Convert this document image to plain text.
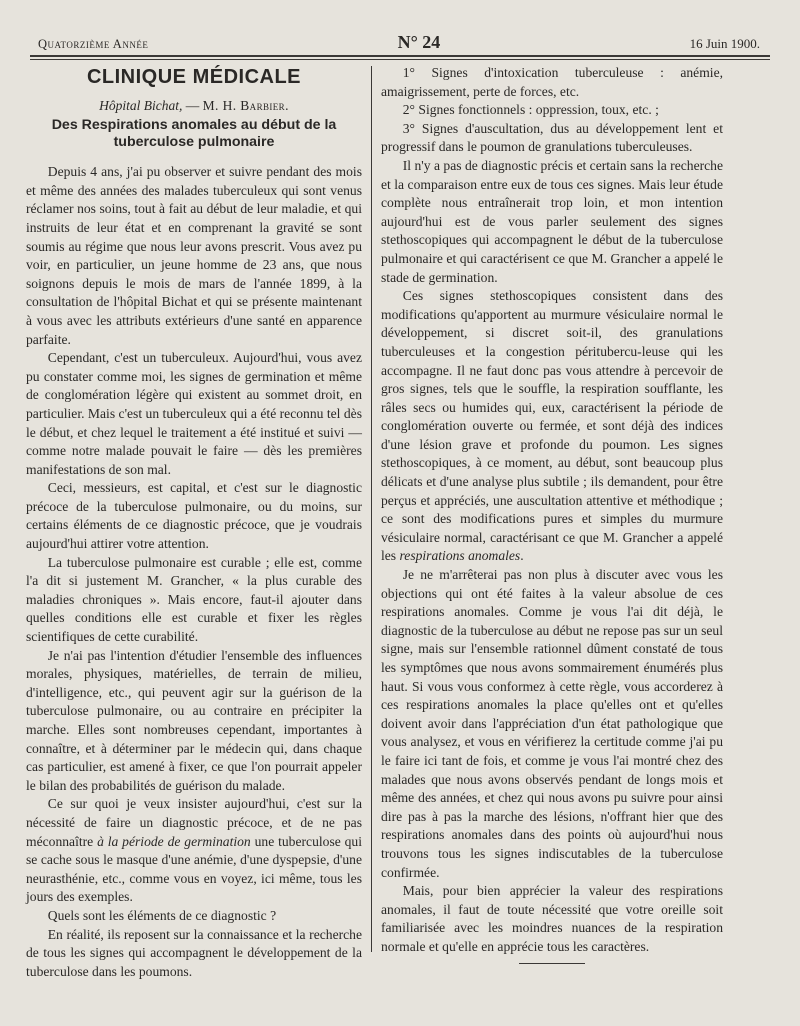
Quatorzième Année	N° 24	16 Juin 1900.
CLINIQUE MÉDICALE
Hôpital Bichat, — M. H. Barbier.
Des Respirations anomales au début de la tuberculose pulmonaire

Depuis 4 ans, j'ai pu observer et suivre pendant des mois et même des années des malades tuberculeux qui sont venus réclamer nos soins, tout à fait au début de leur maladie, et qui instruits de leur état et en comprenant la gravité se sont soumis au régime que nous leur avons prescrit. Vous avez pu voir, en particulier, un jeune homme de 23 ans, que nous soignons depuis le mois de mars de l'année 1899, à la consultation de l'hôpital Bichat et qui se présente maintenant à vous avec les attributs extérieurs d'une santé en apparence parfaite.

Cependant, c'est un tuberculeux. Aujourd'hui, vous avez pu constater comme moi, les signes de germination et même de conglomération légère qui existent au sommet droit, en particulier. Mais c'est un tuberculeux qui a été reconnu tel dès le début, et chez lequel le traitement a été institué et suivi — comme notre malade pouvait le faire — dès les premières manifestations de son mal.

Ceci, messieurs, est capital, et c'est sur le diagnostic précoce de la tuberculose pulmonaire, ou du moins, sur certains éléments de ce diagnostic précoce, que je voudrais aujourd'hui attirer votre attention.

La tuberculose pulmonaire est curable ; elle est, comme l'a dit si justement M. Grancher, « la plus curable des maladies chroniques ». Mais encore, faut-il ajouter dans quelles conditions elle est curable et fixer les règles scientifiques de cette curabilité.

Je n'ai pas l'intention d'étudier l'ensemble des influences morales, physiques, matérielles, de terrain de milieu, d'intelligence, etc., qui peuvent agir sur la guérison de la tuberculose pulmonaire, ou au contraire en précipiter la marche. Elles sont nombreuses cependant, importantes à connaître, et à déterminer par le médecin qui, dans chaque cas particulier, est amené à fixer, ce que l'on pourrait appeler le bilan des probabilités de guérison du malade.

Ce sur quoi je veux insister aujourd'hui, c'est sur la nécessité de faire un diagnostic précoce, et de ne pas méconnaître à la période de germination une tuberculose qui se cache sous le masque d'une anémie, d'une dyspepsie, d'une neurasthénie, etc., comme vous en voyez, ici même, tous les jours des exemples.

Quels sont les éléments de ce diagnostic ?

En réalité, ils reposent sur la connaissance et la recherche de tous les signes qui accompagnent le développement de la tuberculose dans les poumons.

1° Signes d'intoxication tuberculeuse : anémie, amaigrissement, perte de forces, etc.

2° Signes fonctionnels : oppression, toux, etc. ;

3° Signes d'auscultation, dus au développement lent et progressif dans le poumon de granulations tuberculeuses.

Il n'y a pas de diagnostic précis et certain sans la recherche et la comparaison entre eux de tous ces signes. Mais leur étude complète nous entraînerait trop loin, et mon intention aujourd'hui est de vous parler seulement des signes stethoscopiques qui accompagnent le début de la tuberculose pulmonaire et qui caractérisent ce que M. Grancher a appelé le stade de germination.

Ces signes stethoscopiques consistent dans des modifications qu'apportent au murmure vésiculaire normal le développement, si discret soit-il, des granulations tuberculeuses et la congestion péritubercu-leuse qui les accompagne. Il ne faut donc pas vous attendre à percevoir de gros signes, tels que le souffle, la respiration soufflante, les râles secs ou humides qui, eux, caractérisent la période de conglomération ouverte ou fermée, et sont déjà des indices d'une lésion grave et profonde du poumon. Les signes stethoscopiques, à ce moment, au début, sont beaucoup plus délicats et d'une analyse plus subtile ; ils demandent, pour être perçus et appréciés, une auscultation attentive et méthodique ; ce sont des modifications pures et simples du murmure vésiculaire normal, caractérisant ce que M. Grancher a appelé les respirations anomales.

Je ne m'arrêterai pas non plus à discuter avec vous les objections qui ont été faites à la valeur absolue de ces respirations anomales. Comme je vous l'ai dit déjà, le diagnostic de la tuberculose au début ne repose pas sur un seul signe, mais sur l'ensemble rationnel dûment constaté de tous les symptômes que nous avons sommairement énumérés plus haut. Si vous vous conformez à cette règle, vous accorderez à ces respirations anomales la place qu'elles ont et qu'elles doivent avoir dans l'appréciation d'un état pathologique que vous analysez, et vous en vérifierez la certitude comme j'ai pu le faire ici tant de fois, et comme je vous l'ai montré chez des malades que nous avons observés pendant de longs mois et même des années, et chez qui nous avons pu suivre pour ainsi dire pas à pas la marche des lésions, n'offrant hier que des respirations anomales dans des points où aujourd'hui nous trouvons tous les signes indiscutables de la tuberculose confirmée.

Mais, pour bien apprécier la valeur des respirations anomales, il faut de toute nécessité que votre oreille soit familiarisée avec les moindres nuances de la respiration normale et qu'elle en apprécie tous les caractères.
